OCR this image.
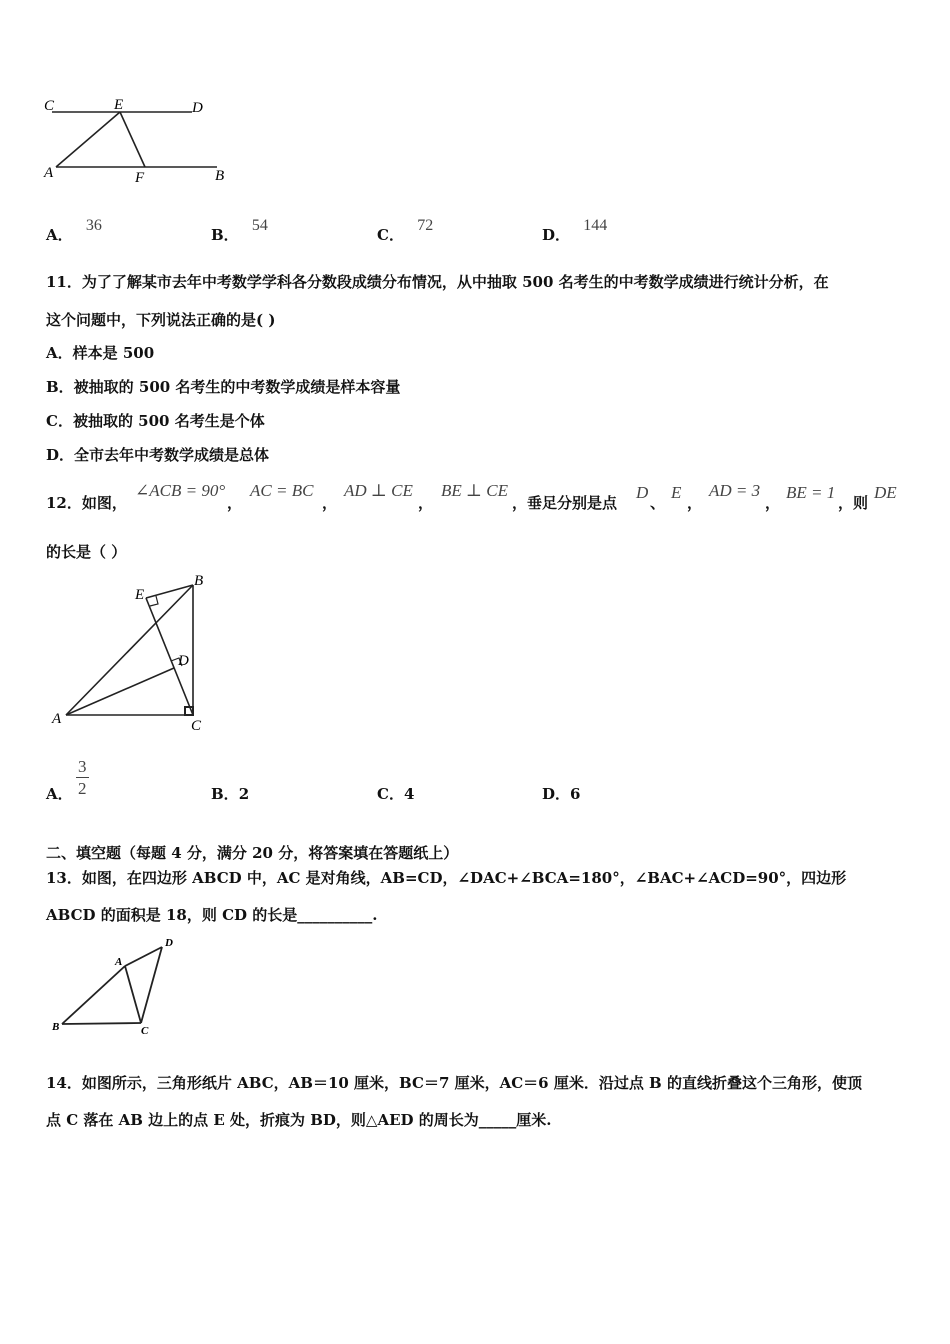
C	E	D
A	F	B
A． 36
B． 54
C． 72
D． 144
11．为了了解某市去年中考数学学科各分数段成绩分布情况，从中抽取 500 名考生的中考数学成绩进行统计分析，在
这个问题中，下列说法正确的是( )
A．样本是 500
B．被抽取的 500 名考生的中考数学成绩是样本容量
C．被抽取的 500 名考生是个体
D．全市去年中考数学成绩是总体
12．如图，
∠ACB = 90°
，
AC = BC
，
AD ⊥ CE
，
BE ⊥ CE
，垂足分别是点
D
、
E
，
AD = 3
，
BE = 1
，则
DE
的长是（ ）
E
B
D
A	C
A． $\frac{3}{2}$	B．2	C．4	D．6
二、填空题（每题 4 分，满分 20 分，将答案填在答题纸上）
13．如图，在四边形 ABCD 中，AC 是对角线，AB=CD，∠DAC+∠BCA=180°，∠BAC+∠ACD=90°，四边形
ABCD 的面积是 18，则 CD 的长是__________.
A
B	C
D
14．如图所示，三角形纸片 ABC，AB＝10 厘米，BC＝7 厘米，AC＝6 厘米．沿过点 B 的直线折叠这个三角形，使顶
点 C 落在 AB 边上的点 E 处，折痕为 BD，则△AED 的周长为_____厘米.
